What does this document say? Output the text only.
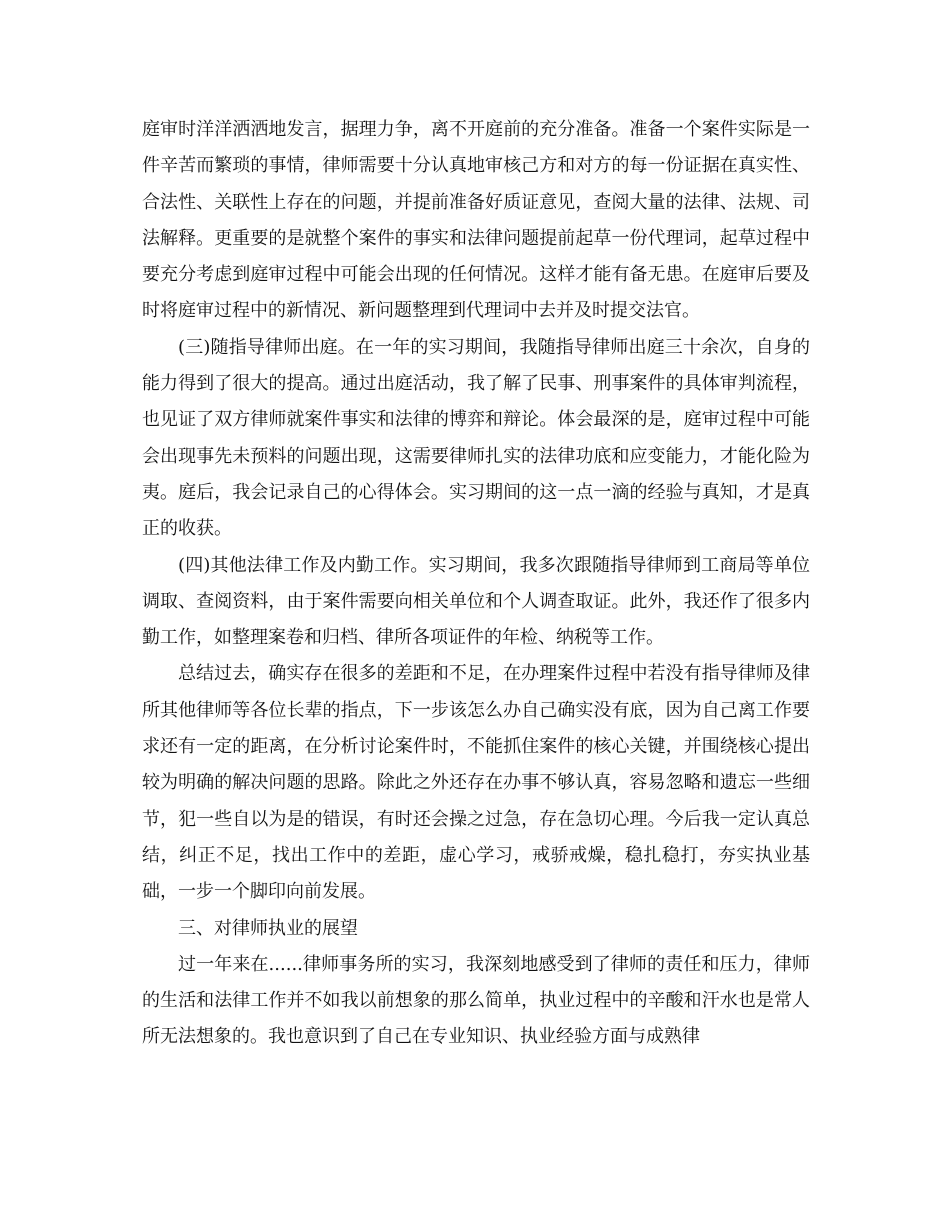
庭审时洋洋洒洒地发言，据理力争，离不开庭前的充分准备。准备一个案件实际是一件辛苦而繁琐的事情，律师需要十分认真地审核己方和对方的每一份证据在真实性、合法性、关联性上存在的问题，并提前准备好质证意见，查阅大量的法律、法规、司法解释。更重要的是就整个案件的事实和法律问题提前起草一份代理词，起草过程中要充分考虑到庭审过程中可能会出现的任何情况。这样才能有备无患。在庭审后要及时将庭审过程中的新情况、新问题整理到代理词中去并及时提交法官。

(三)随指导律师出庭。在一年的实习期间，我随指导律师出庭三十余次，自身的能力得到了很大的提高。通过出庭活动，我了解了民事、刑事案件的具体审判流程，也见证了双方律师就案件事实和法律的博弈和辩论。体会最深的是，庭审过程中可能会出现事先未预料的问题出现，这需要律师扎实的法律功底和应变能力，才能化险为夷。庭后，我会记录自己的心得体会。实习期间的这一点一滴的经验与真知，才是真正的收获。

(四)其他法律工作及内勤工作。实习期间，我多次跟随指导律师到工商局等单位调取、查阅资料，由于案件需要向相关单位和个人调查取证。此外，我还作了很多内勤工作，如整理案卷和归档、律所各项证件的年检、纳税等工作。

总结过去，确实存在很多的差距和不足，在办理案件过程中若没有指导律师及律所其他律师等各位长辈的指点，下一步该怎么办自己确实没有底，因为自己离工作要求还有一定的距离，在分析讨论案件时，不能抓住案件的核心关键，并围绕核心提出较为明确的解决问题的思路。除此之外还存在办事不够认真，容易忽略和遗忘一些细节，犯一些自以为是的错误，有时还会操之过急，存在急切心理。今后我一定认真总结，纠正不足，找出工作中的差距，虚心学习，戒骄戒燥，稳扎稳打，夯实执业基础，一步一个脚印向前发展。

三、对律师执业的展望

过一年来在......律师事务所的实习，我深刻地感受到了律师的责任和压力，律师的生活和法律工作并不如我以前想象的那么简单，执业过程中的辛酸和汗水也是常人所无法想象的。我也意识到了自己在专业知识、执业经验方面与成熟律
